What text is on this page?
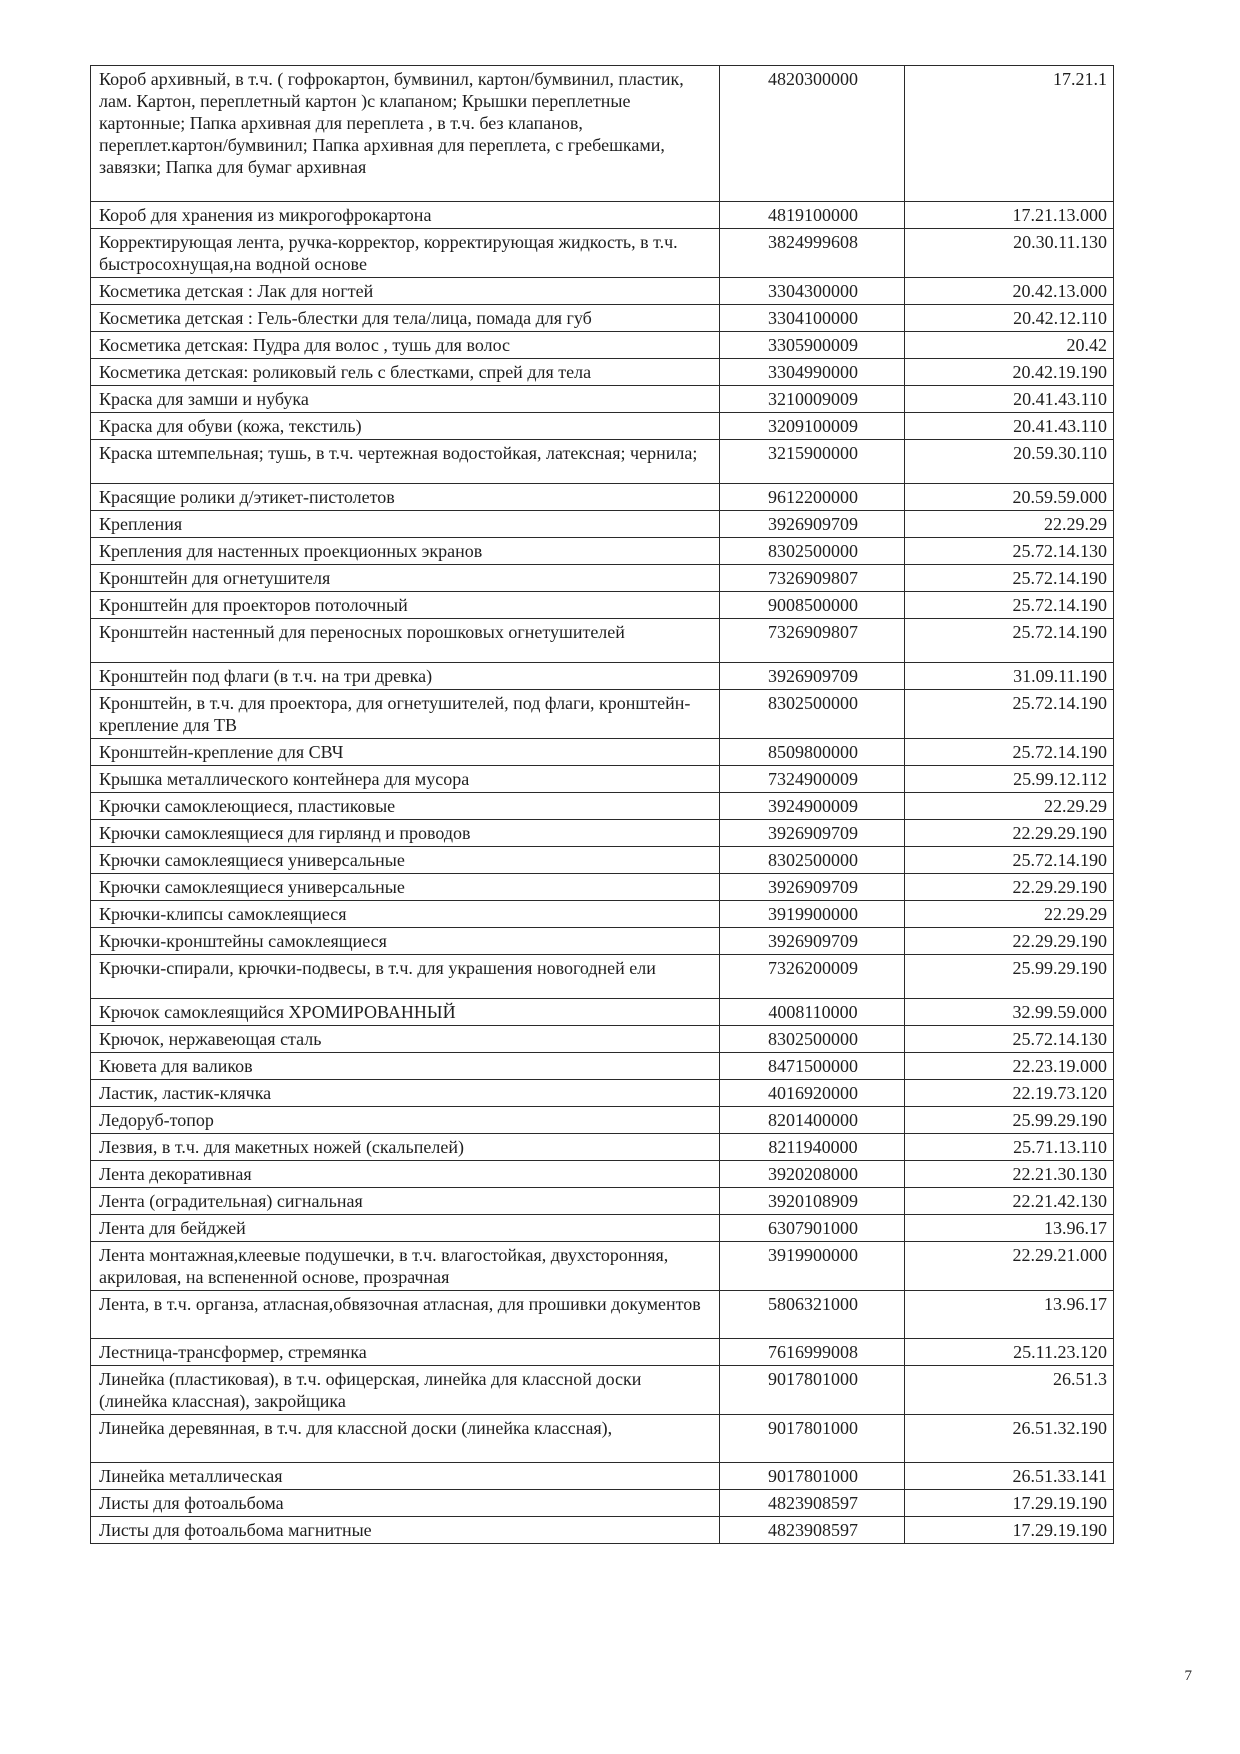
Короб архивный, в т.ч. ( гофрокартон, бумвинил, картон/бумвинил, пластик, лам. Картон, переплетный картон )с клапаном; Крышки переплетные картонные; Папка архивная для переплета , в т.ч. без клапанов, переплет.картон/бумвинил; Папка архивная для переплета, с гребешками, завязки; Папка для бумаг архивная	4820300000	17.21.1
Короб для хранения из микрогофрокартона	4819100000	17.21.13.000
Корректирующая лента, ручка-корректор, корректирующая жидкость, в т.ч. быстросохнущая,на водной основе	3824999608	20.30.11.130
Косметика детская : Лак для ногтей	3304300000	20.42.13.000
Косметика детская : Гель-блестки для тела/лица, помада для губ	3304100000	20.42.12.110
Косметика детская: Пудра для волос , тушь для волос	3305900009	20.42
Косметика детская: роликовый гель с блестками, спрей для тела	3304990000	20.42.19.190
Краска для замши и нубука	3210009009	20.41.43.110
Краска для обуви (кожа, текстиль)	3209100009	20.41.43.110
Краска штемпельная; тушь, в т.ч. чертежная водостойкая, латексная; чернила;	3215900000	20.59.30.110
Красящие ролики д/этикет-пистолетов	9612200000	20.59.59.000
Крепления	3926909709	22.29.29
Крепления для настенных проекционных экранов	8302500000	25.72.14.130
Кронштейн для огнетушителя	7326909807	25.72.14.190
Кронштейн для проекторов потолочный	9008500000	25.72.14.190
Кронштейн настенный для переносных порошковых огнетушителей	7326909807	25.72.14.190
Кронштейн под флаги (в т.ч. на три древка)	3926909709	31.09.11.190
Кронштейн, в т.ч. для проектора, для огнетушителей, под флаги, кронштейн-крепление для ТВ	8302500000	25.72.14.190
Кронштейн-крепление для СВЧ	8509800000	25.72.14.190
Крышка металлического контейнера для мусора	7324900009	25.99.12.112
Крючки самоклеющиеся, пластиковые	3924900009	22.29.29
Крючки самоклеящиеся для гирлянд и проводов	3926909709	22.29.29.190
Крючки самоклеящиеся универсальные	8302500000	25.72.14.190
Крючки самоклеящиеся универсальные	3926909709	22.29.29.190
Крючки-клипсы самоклеящиеся	3919900000	22.29.29
Крючки-кронштейны самоклеящиеся	3926909709	22.29.29.190
Крючки-спирали, крючки-подвесы, в т.ч. для украшения новогодней ели	7326200009	25.99.29.190
Крючок самоклеящийся ХРОМИРОВАННЫЙ	4008110000	32.99.59.000
Крючок, нержавеющая сталь	8302500000	25.72.14.130
Кювета для валиков	8471500000	22.23.19.000
Ластик, ластик-клячка	4016920000	22.19.73.120
Ледоруб-топор	8201400000	25.99.29.190
Лезвия, в т.ч. для макетных ножей (скальпелей)	8211940000	25.71.13.110
Лента декоративная	3920208000	22.21.30.130
Лента (оградительная) сигнальная	3920108909	22.21.42.130
Лента для бейджей	6307901000	13.96.17
Лента монтажная,клеевые подушечки, в т.ч. влагостойкая, двухсторонняя, акриловая, на вспененной основе, прозрачная	3919900000	22.29.21.000
Лента, в т.ч. органза, атласная,обвязочная атласная, для прошивки документов	5806321000	13.96.17
Лестница-трансформер, стремянка	7616999008	25.11.23.120
Линейка (пластиковая), в т.ч. офицерская, линейка для классной доски (линейка классная), закройщика	9017801000	26.51.3
Линейка деревянная, в т.ч. для классной доски (линейка классная),	9017801000	26.51.32.190
Линейка металлическая	9017801000	26.51.33.141
Листы для фотоальбома	4823908597	17.29.19.190
Листы для фотоальбома магнитные	4823908597	17.29.19.190
7
